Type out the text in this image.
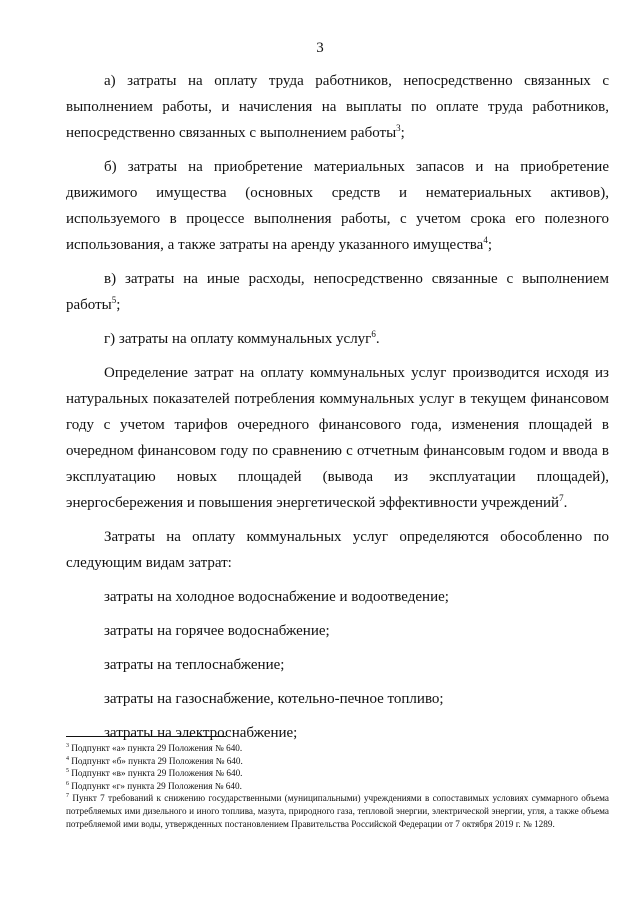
3

а) затраты на оплату труда работников, непосредственно связанных с выполнением работы, и начисления на выплаты по оплате труда работников, непосредственно связанных с выполнением работы$^3$;

б) затраты на приобретение материальных запасов и на приобретение движимого имущества (основных средств и нематериальных активов), используемого в процессе выполнения работы, с учетом срока его полезного использования, а также затраты на аренду указанного имущества$^4$;

в) затраты на иные расходы, непосредственно связанные с выполнением работы$^5$;

г) затраты на оплату коммунальных услуг$^6$.

Определение затрат на оплату коммунальных услуг производится исходя из натуральных показателей потребления коммунальных услуг в текущем финансовом году с учетом тарифов очередного финансового года, изменения площадей в очередном финансовом году по сравнению с отчетным финансовым годом и ввода в эксплуатацию новых площадей (вывода из эксплуатации площадей), энергосбережения и повышения энергетической эффективности учреждений$^7$.

Затраты на оплату коммунальных услуг определяются обособленно по следующим видам затрат:

затраты на холодное водоснабжение и водоотведение;

затраты на горячее водоснабжение;

затраты на теплоснабжение;

затраты на газоснабжение, котельно-печное топливо;

затраты на электроснабжение;

$^3$ Подпункт «а» пункта 29 Положения № 640.

$^4$ Подпункт «б» пункта 29 Положения № 640.

$^5$ Подпункт «в» пункта 29 Положения № 640.

$^6$ Подпункт «г» пункта 29 Положения № 640.

$^7$ Пункт 7 требований к снижению государственными (муниципальными) учреждениями в сопоставимых условиях суммарного объема потребляемых ими дизельного и иного топлива, мазута, природного газа, тепловой энергии, электрической энергии, угля, а также объема потребляемой ими воды, утвержденных постановлением Правительства Российской Федерации от 7 октября 2019 г. № 1289.
